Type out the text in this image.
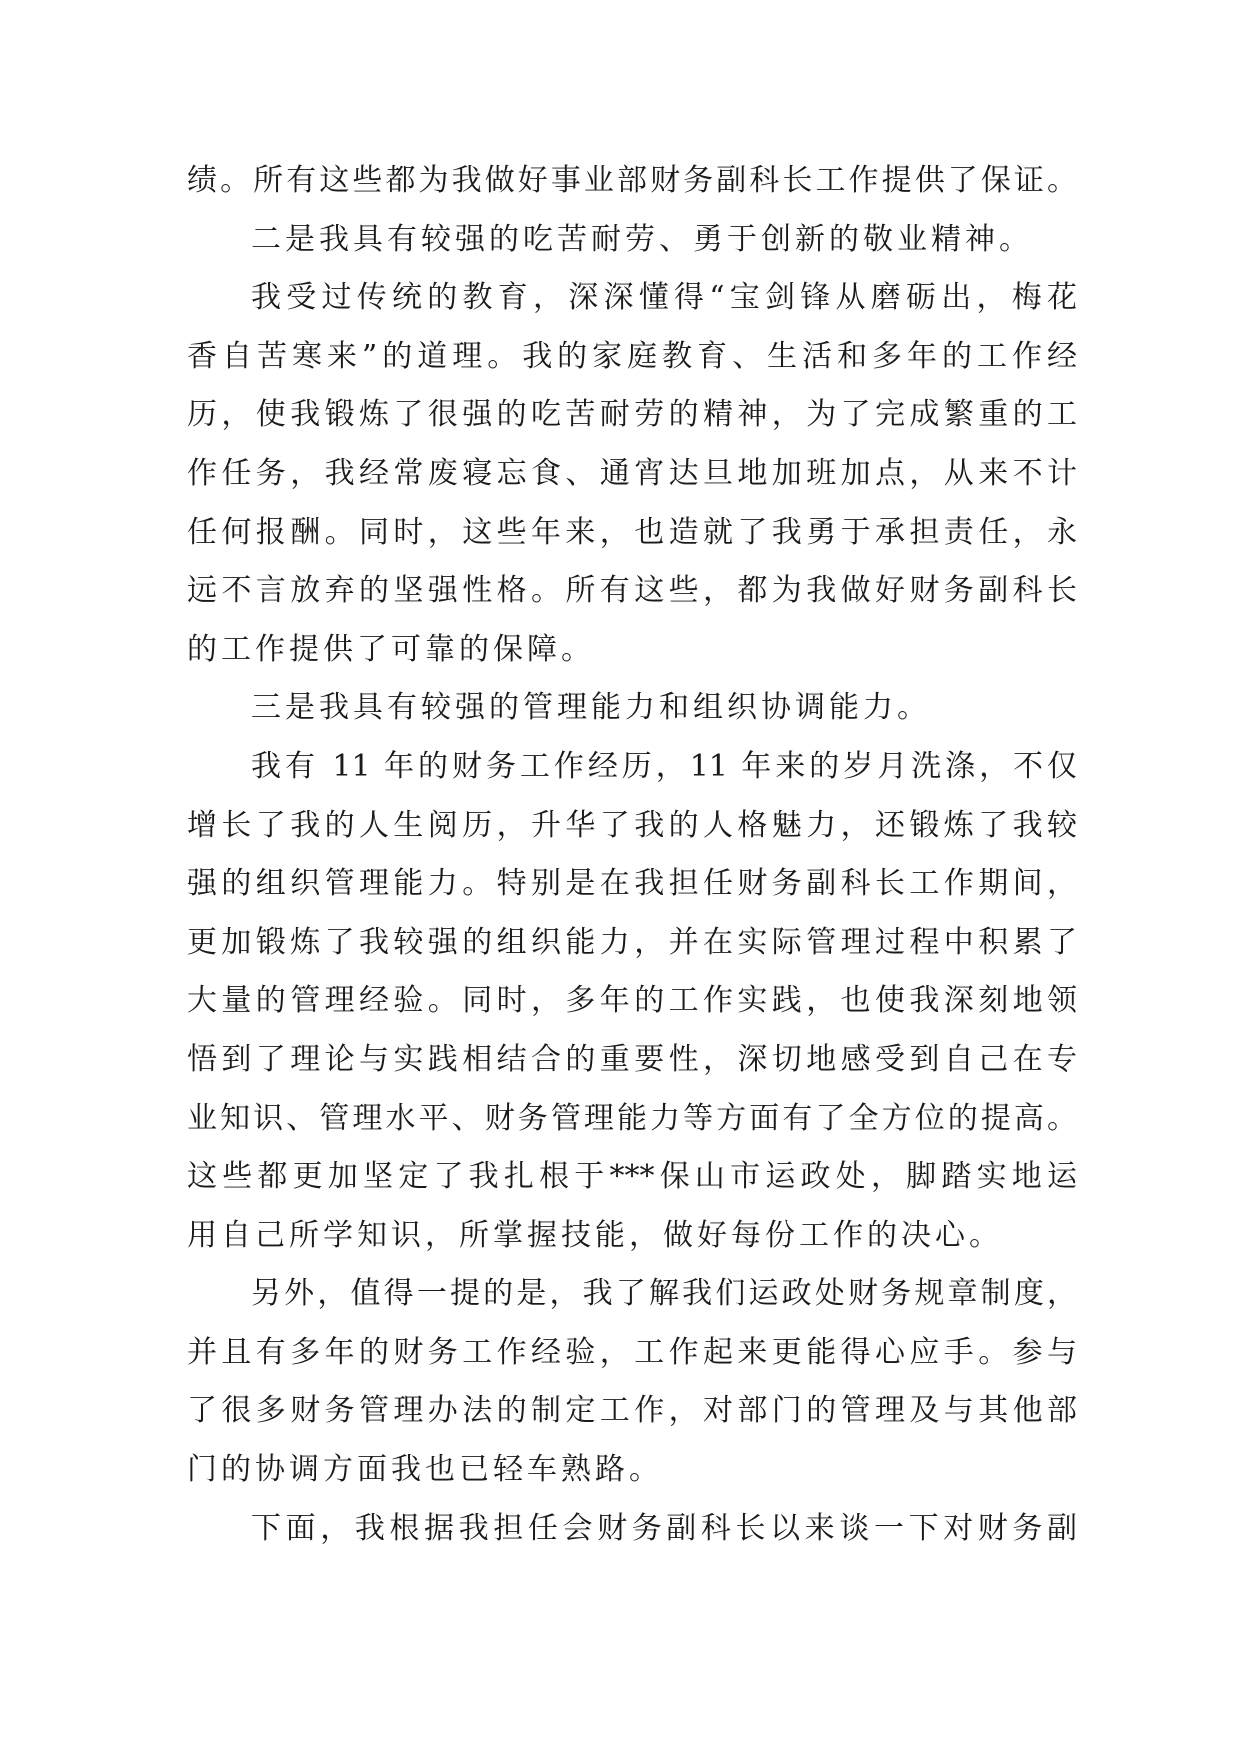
绩。所有这些都为我做好事业部财务副科长工作提供了保证。
二是我具有较强的吃苦耐劳、勇于创新的敬业精神。
我受过传统的教育，深深懂得“宝剑锋从磨砺出，梅花
香自苦寒来”的道理。我的家庭教育、生活和多年的工作经
历，使我锻炼了很强的吃苦耐劳的精神，为了完成繁重的工
作任务，我经常废寝忘食、通宵达旦地加班加点，从来不计
任何报酬。同时，这些年来，也造就了我勇于承担责任，永
远不言放弃的坚强性格。所有这些，都为我做好财务副科长
的工作提供了可靠的保障。
三是我具有较强的管理能力和组织协调能力。
我有 11 年的财务工作经历，11 年来的岁月洗涤，不仅
增长了我的人生阅历，升华了我的人格魅力，还锻炼了我较
强的组织管理能力。特别是在我担任财务副科长工作期间，
更加锻炼了我较强的组织能力，并在实际管理过程中积累了
大量的管理经验。同时，多年的工作实践，也使我深刻地领
悟到了理论与实践相结合的重要性，深切地感受到自己在专
业知识、管理水平、财务管理能力等方面有了全方位的提高。
这些都更加坚定了我扎根于***保山市运政处，脚踏实地运
用自己所学知识，所掌握技能，做好每份工作的决心。
另外，值得一提的是，我了解我们运政处财务规章制度，
并且有多年的财务工作经验，工作起来更能得心应手。参与
了很多财务管理办法的制定工作，对部门的管理及与其他部
门的协调方面我也已轻车熟路。
下面，我根据我担任会财务副科长以来谈一下对财务副
